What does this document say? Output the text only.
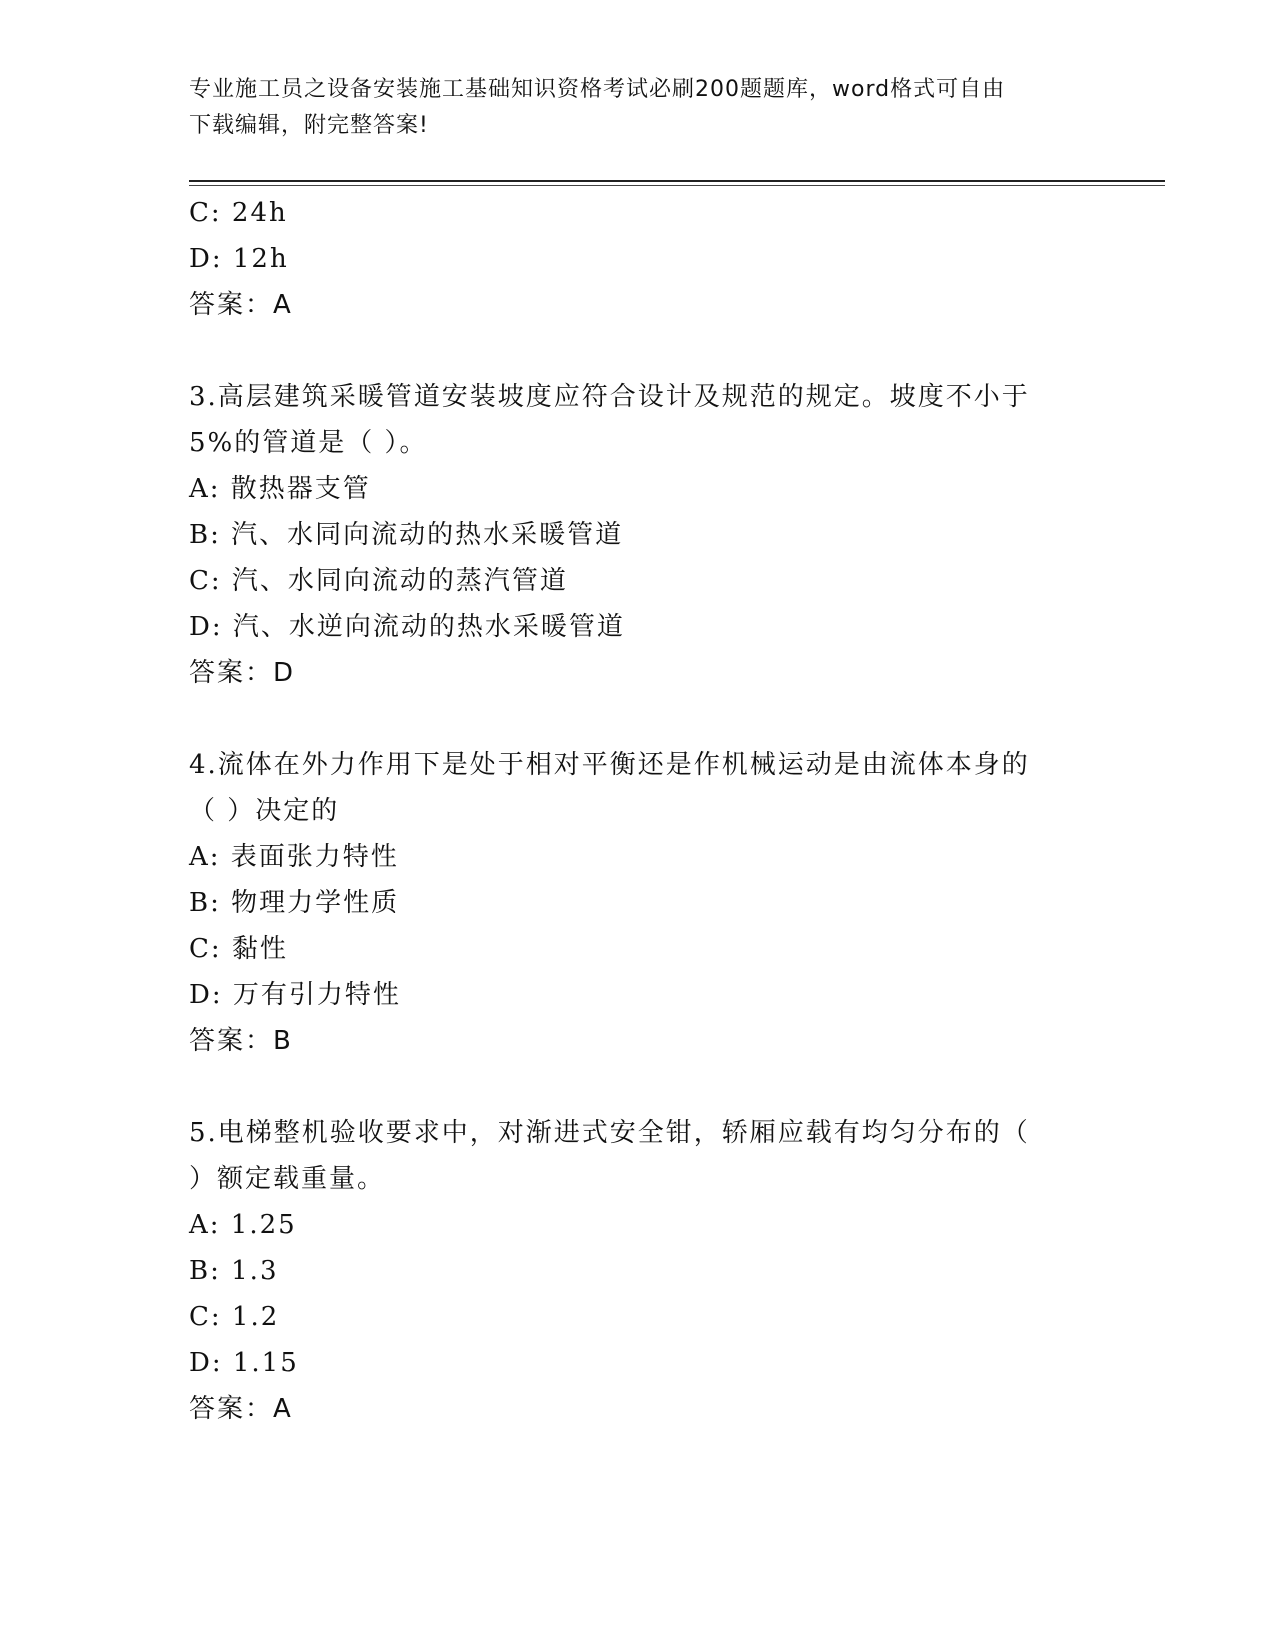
专业施工员之设备安装施工基础知识资格考试必刷200题题库，word格式可自由
下载编辑，附完整答案!
C: 24h
D: 12h
答案：A
3.高层建筑采暖管道安装坡度应符合设计及规范的规定。坡度不小于
5%的管道是（ ）。
A: 散热器支管
B: 汽、水同向流动的热水采暖管道
C: 汽、水同向流动的蒸汽管道
D: 汽、水逆向流动的热水采暖管道
答案：D
4.流体在外力作用下是处于相对平衡还是作机械运动是由流体本身的
（ ）决定的
A: 表面张力特性
B: 物理力学性质
C: 黏性
D: 万有引力特性
答案：B
5.电梯整机验收要求中，对渐进式安全钳，轿厢应载有均匀分布的（
）额定载重量。
A: 1.25
B: 1.3
C: 1.2
D: 1.15
答案：A
